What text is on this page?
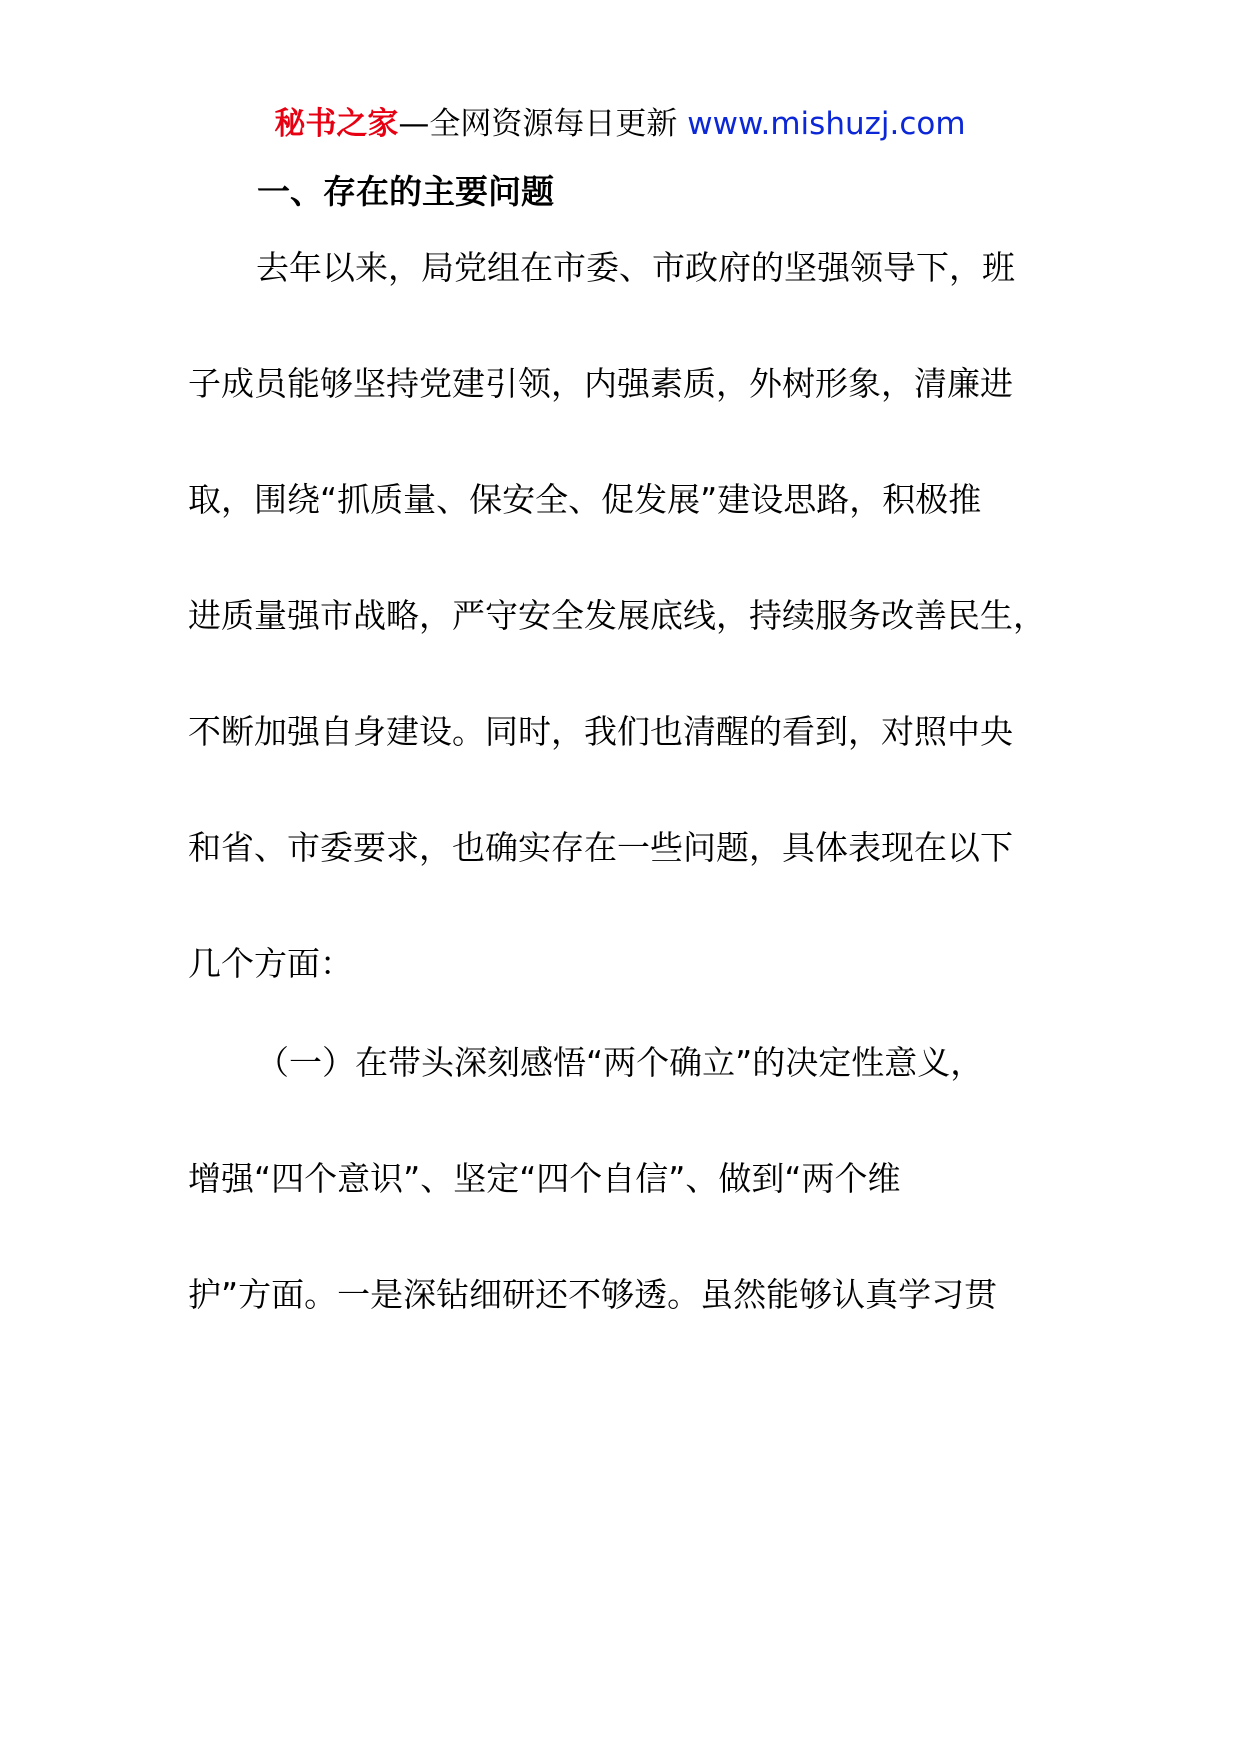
秘书之家—全网资源每日更新 www.mishuzj.com
一、存在的主要问题
去年以来，局党组在市委、市政府的坚强领导下，班
子成员能够坚持党建引领，内强素质，外树形象，清廉进
取，围绕“抓质量、保安全、促发展”建设思路，积极推
进质量强市战略，严守安全发展底线，持续服务改善民生，
不断加强自身建设。同时，我们也清醒的看到，对照中央
和省、市委要求，也确实存在一些问题，具体表现在以下
几个方面：
（一）在带头深刻感悟“两个确立”的决定性意义，
增强“四个意识”、坚定“四个自信”、做到“两个维
护”方面。一是深钻细研还不够透。虽然能够认真学习贯
